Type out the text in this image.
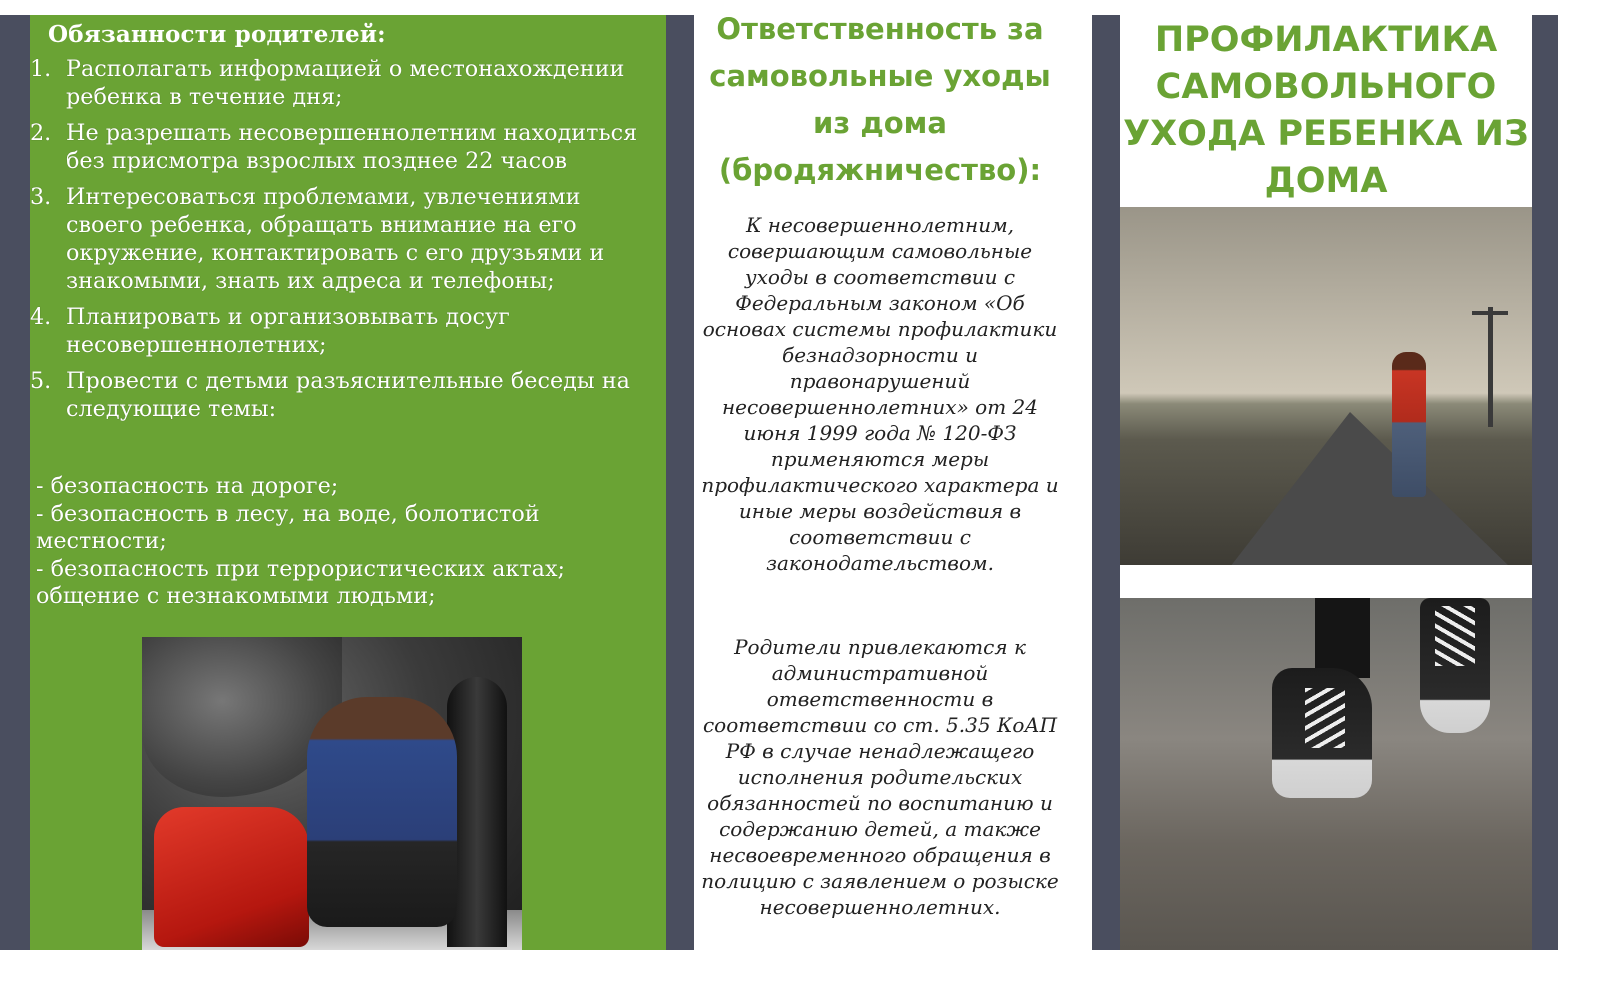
Обязанности родителей:
1. Располагать информацией о местонахождении ребенка в течение дня;
2. Не разрешать несовершеннолетним находиться без присмотра взрослых позднее 22 часов
3. Интересоваться проблемами, увлечениями своего ребенка, обращать внимание на его окружение, контактировать с его друзьями и знакомыми, знать их адреса и телефоны;
4. Планировать и организовывать досуг несовершеннолетних;
5. Провести с детьми разъяснительные беседы на следующие темы:
- безопасность на дороге;
- безопасность в лесу, на воде, болотистой местности;
- безопасность при террористических актах;
общение с незнакомыми людьми;
Ответственность за самовольные уходы из дома (бродяжничество):

К несовершеннолетним, совершающим самовольные уходы в соответствии с Федеральным законом «Об основах системы профилактики безнадзорности и правонарушений несовершеннолетних» от 24 июня 1999 года № 120-ФЗ применяются меры профилактического характера и иные меры воздействия в соответствии с законодательством.

Родители привлекаются к административной ответственности в соответствии со ст. 5.35 КоАП РФ в случае ненадлежащего исполнения родительских обязанностей по воспитанию и содержанию детей, а также несвоевременного обращения в полицию с заявлением о розыске несовершеннолетних.

ПРОФИЛАКТИКА САМОВОЛЬНОГО УХОДА РЕБЕНКА ИЗ ДОМА
